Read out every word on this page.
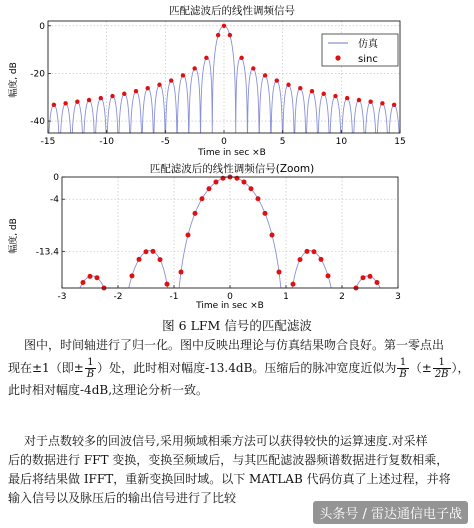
匹配滤波后的线性调频信号
-15	-10	-5	0	5	10	15
-40
-20
0
Time in sec ×B
幅度, dB
仿真
sinc
匹配滤波后的线性调频信号(Zoom)
-3	-2	-1	0	1	2	3
0
-4
-13.4
Time in sec ×B
幅度, dB
图 6 LFM 信号的匹配滤波
图中，时间轴进行了归一化。图中反映出理论与仿真结果吻合良好。第一零点出
现在±1（即± $\frac{1}{B}$ ）处，此时相对幅度-13.4dB。压缩后的脉冲宽度近似为 $\frac{1}{B}$ （± $\frac{1}{2B}$ ），
此时相对幅度-4dB,这理论分析一致。
对于点数较多的回波信号,采用频域相乘方法可以获得较快的运算速度.对采样
后的数据进行 FFT 变换，变换至频域后，与其匹配滤波器频谱数据进行复数相乘，
最后将结果做 IFFT，重新变换回时域。以下 MATLAB 代码仿真了上述过程，并将
输入信号以及脉压后的输出信号进行了比较
头条号 / 雷达通信电子战
